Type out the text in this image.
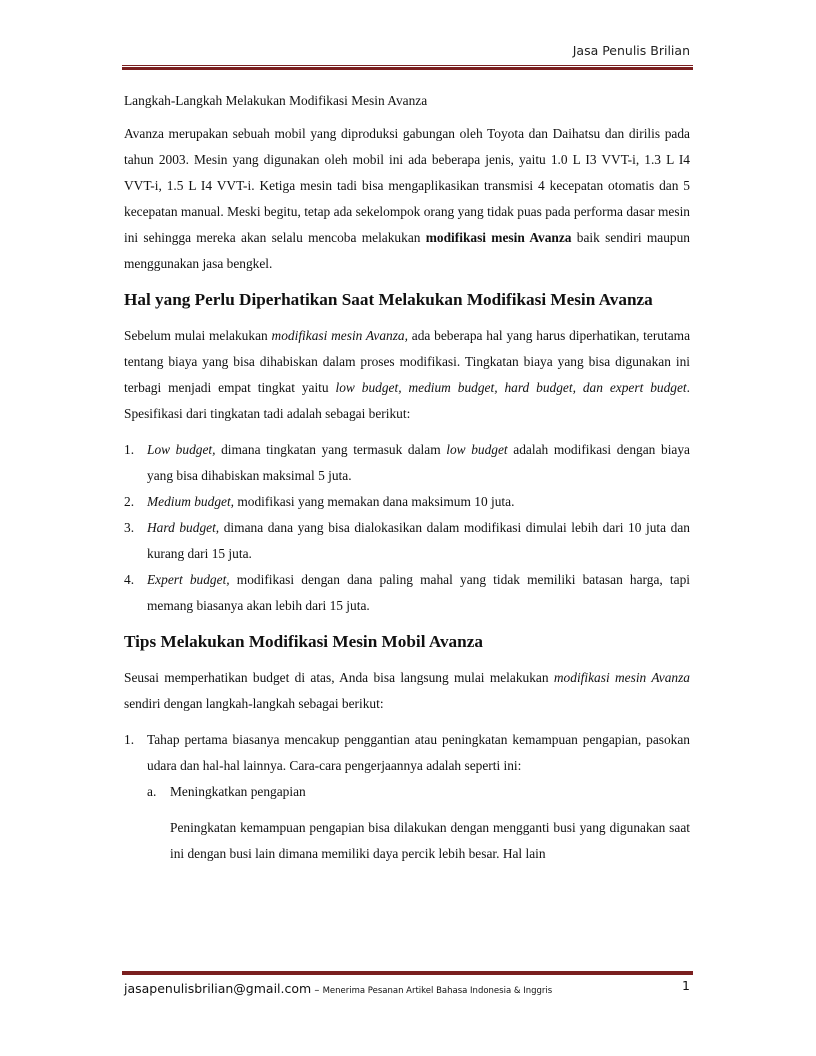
Jasa Penulis Brilian

Langkah-Langkah Melakukan Modifikasi Mesin Avanza

Avanza merupakan sebuah mobil yang diproduksi gabungan oleh Toyota dan Daihatsu dan dirilis pada tahun 2003. Mesin yang digunakan oleh mobil ini ada beberapa jenis, yaitu 1.0 L I3 VVT-i, 1.3 L I4 VVT-i, 1.5 L I4 VVT-i. Ketiga mesin tadi bisa mengaplikasikan transmisi 4 kecepatan otomatis dan 5 kecepatan manual. Meski begitu, tetap ada sekelompok orang yang tidak puas pada performa dasar mesin ini sehingga mereka akan selalu mencoba melakukan modifikasi mesin Avanza baik sendiri maupun menggunakan jasa bengkel.

Hal yang Perlu Diperhatikan Saat Melakukan Modifikasi Mesin Avanza

Sebelum mulai melakukan modifikasi mesin Avanza, ada beberapa hal yang harus diperhatikan, terutama tentang biaya yang bisa dihabiskan dalam proses modifikasi. Tingkatan biaya yang bisa digunakan ini terbagi menjadi empat tingkat yaitu low budget, medium budget, hard budget, dan expert budget. Spesifikasi dari tingkatan tadi adalah sebagai berikut:

1. Low budget, dimana tingkatan yang termasuk dalam low budget adalah modifikasi dengan biaya yang bisa dihabiskan maksimal 5 juta.
2. Medium budget, modifikasi yang memakan dana maksimum 10 juta.
3. Hard budget, dimana dana yang bisa dialokasikan dalam modifikasi dimulai lebih dari 10 juta dan kurang dari 15 juta.
4. Expert budget, modifikasi dengan dana paling mahal yang tidak memiliki batasan harga, tapi memang biasanya akan lebih dari 15 juta.
Tips Melakukan Modifikasi Mesin Mobil Avanza

Seusai memperhatikan budget di atas, Anda bisa langsung mulai melakukan modifikasi mesin Avanza sendiri dengan langkah-langkah sebagai berikut:

1. Tahap pertama biasanya mencakup penggantian atau peningkatan kemampuan pengapian, pasokan udara dan hal-hal lainnya. Cara-cara pengerjaannya adalah seperti ini:

a. Meningkatkan pengapian

Peningkatan kemampuan pengapian bisa dilakukan dengan mengganti busi yang digunakan saat ini dengan busi lain dimana memiliki daya percik lebih besar. Hal lain

jasapenulisbrilian@gmail.com – Menerima Pesanan Artikel Bahasa Indonesia & Inggris	1
